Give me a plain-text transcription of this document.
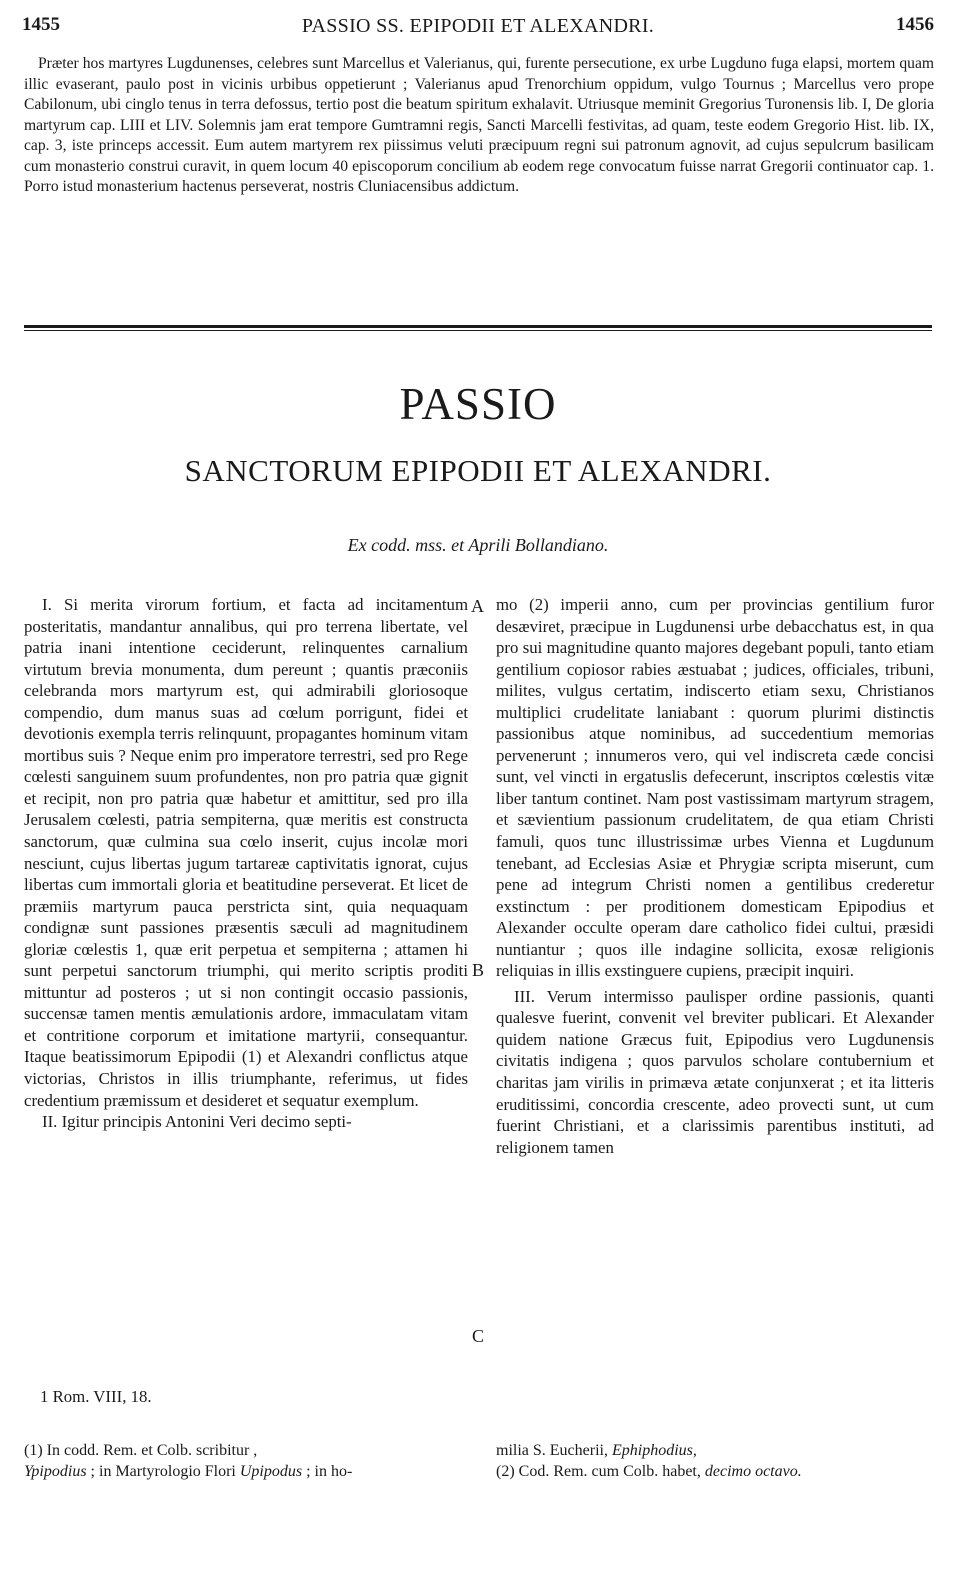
1455	PASSIO SS. EPIPODII ET ALEXANDRI.	1456
Præter hos martyres Lugdunenses, celebres sunt Marcellus et Valerianus, qui, furente persecutione, ex urbe Lugduno fuga elapsi, mortem quam illic evaserant, paulo post in vicinis urbibus oppetierunt ; Valerianus apud Trenorchium oppidum, vulgo Tournus ; Marcellus vero prope Cabilonum, ubi cinglo tenus in terra defossus, tertio post die beatum spiritum exhalavit. Utriusque meminit Gregorius Turonensis lib. I, De gloria martyrum cap. LIII et LIV. Solemnis jam erat tempore Gumtramni regis, Sancti Marcelli festivitas, ad quam, teste eodem Gregorio Hist. lib. IX, cap. 3, iste princeps accessit. Eum autem martyrem rex piissimus veluti præcipuum regni sui patronum agnovit, ad cujus sepulcrum basilicam cum monasterio construi curavit, in quem locum 40 episcoporum concilium ab eodem rege convocatum fuisse narrat Gregorii continuator cap. 1. Porro istud monasterium hactenus perseverat, nostris Cluniacensibus addictum.
PASSIO
SANCTORUM EPIPODII ET ALEXANDRI.
Ex codd. mss. et Aprili Bollandiano.

I. Si merita virorum fortium, et facta ad incitamentum posteritatis, mandantur annalibus, qui pro terrena libertate, vel patria inani intentione ceciderunt, relinquentes carnalium virtutum brevia monumenta, dum pereunt ; quantis præconiis celebranda mors martyrum est, qui admirabili gloriosoque compendio, dum manus suas ad cœlum porrigunt, fidei et devotionis exempla terris relinquunt, propagantes hominum vitam mortibus suis ? Neque enim pro imperatore terrestri, sed pro Rege cœlesti sanguinem suum profundentes, non pro patria quæ gignit et recipit, non pro patria quæ habetur et amittitur, sed pro illa Jerusalem cœlesti, patria sempiterna, quæ meritis est constructa sanctorum, quæ culmina sua cœlo inserit, cujus incolæ mori nesciunt, cujus libertas jugum tartareæ captivitatis ignorat, cujus libertas cum immortali gloria et beatitudine perseverat. Et licet de præmiis martyrum pauca perstricta sint, quia nequaquam condignæ sunt passiones præsentis sæculi ad magnitudinem gloriæ cœlestis 1, quæ erit perpetua et sempiterna ; attamen hi sunt perpetui sanctorum triumphi, qui merito scriptis proditi mittuntur ad posteros ; ut si non contingit occasio passionis, succensæ tamen mentis æmulationis ardore, immaculatam vitam et contritione corporum et imitatione martyrii, consequantur. Itaque beatissimorum Epipodii (1) et Alexandri conflictus atque victorias, Christos in illis triumphante, referimus, ut fides credentium præmissum et desideret et sequatur exemplum.

II. Igitur principis Antonini Veri decimo septi-

A
B
C

mo (2) imperii anno, cum per provincias gentilium furor desæviret, præcipue in Lugdunensi urbe debacchatus est, in qua pro sui magnitudine quanto majores degebant populi, tanto etiam gentilium copiosor rabies æstuabat ; judices, officiales, tribuni, milites, vulgus certatim, indiscerto etiam sexu, Christianos multiplici crudelitate laniabant : quorum plurimi distinctis passionibus atque nominibus, ad succedentium memorias pervenerunt ; innumeros vero, qui vel indiscreta cæde concisi sunt, vel vincti in ergatuslis defecerunt, inscriptos cœlestis vitæ liber tantum continet. Nam post vastissimam martyrum stragem, et sævientium passionum crudelitatem, de qua etiam Christi famuli, quos tunc illustrissimæ urbes Vienna et Lugdunum tenebant, ad Ecclesias Asiæ et Phrygiæ scripta miserunt, cum pene ad integrum Christi nomen a gentilibus crederetur exstinctum : per proditionem domesticam Epipodius et Alexander occulte operam dare catholico fidei cultui, præsidi nuntiantur ; quos ille indagine sollicita, exosæ religionis reliquias in illis exstinguere cupiens, præcipit inquiri.

III. Verum intermisso paulisper ordine passionis, quanti qualesve fuerint, convenit vel breviter publicari. Et Alexander quidem natione Græcus fuit, Epipodius vero Lugdunensis civitatis indigena ; quos parvulos scholare contubernium et charitas jam virilis in primæva ætate conjunxerat ; et ita litteris eruditissimi, concordia crescente, adeo provecti sunt, ut cum fuerint Christiani, et a clarissimis parentibus instituti, ad religionem tamen

1 Rom. VIII, 18.
(1) In codd. Rem. et Colb. scribitur ,
Ypipodius ; in Martyrologio Flori Upipodus ; in ho-
milia S. Eucherii, Ephiphodius,
(2) Cod. Rem. cum Colb. habet, decimo octavo.
